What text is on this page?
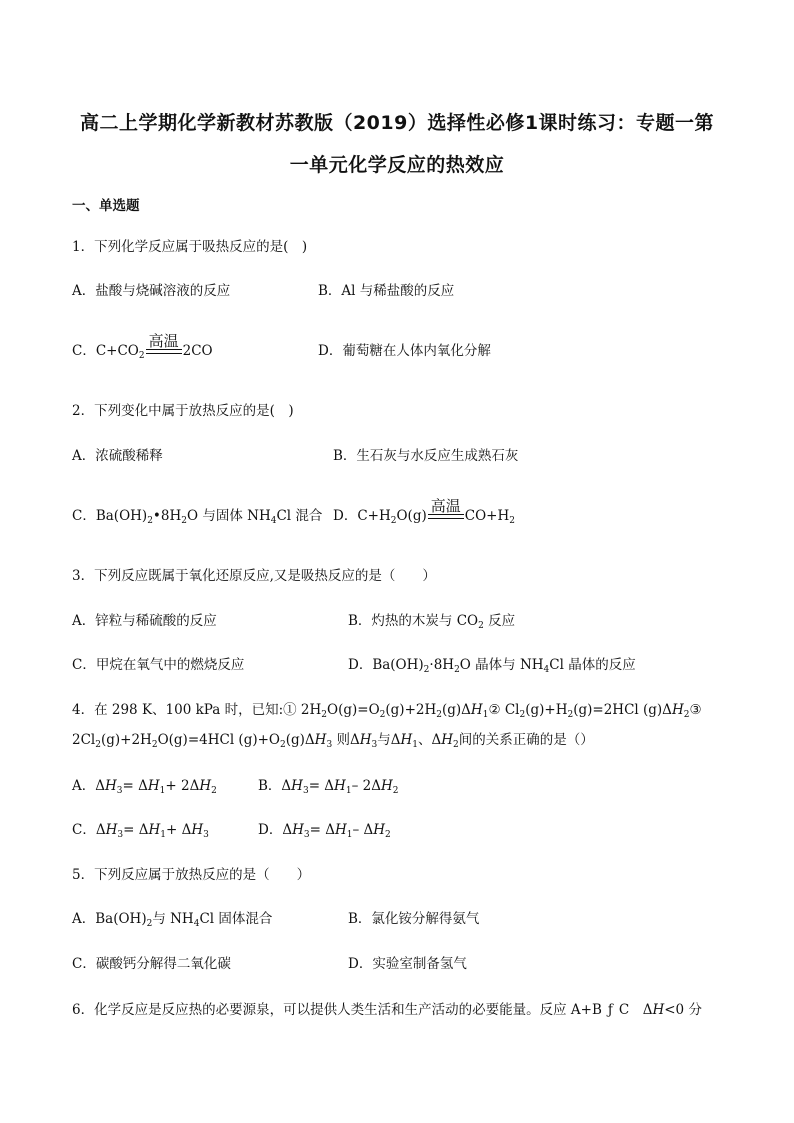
高二上学期化学新教材苏教版（2019）选择性必修1课时练习：专题一第
一单元化学反应的热效应
一、单选题
1．下列化学反应属于吸热反应的是(　)
A．盐酸与烧碱溶液的反应	B．Al 与稀盐酸的反应
C．$C+CO_2$
高温
2CO	D．葡萄糖在人体内氧化分解
2．下列变化中属于放热反应的是(　)
A．浓硫酸稀释	B．生石灰与水反应生成熟石灰
C．$Ba(OH)_2•8H_2O$ 与固体 $NH_4Cl$ 混合 D．$C+H_2O(g)$
高温
$CO+H_2$
3．下列反应既属于氧化还原反应,又是吸热反应的是（　　）
A．锌粒与稀硫酸的反应	B．灼热的木炭与 $CO_2$ 反应
C．甲烷在氧气中的燃烧反应	D．$Ba(OH)_2\cdot 8H_2O$ 晶体与 $NH_4Cl$ 晶体的反应
4．在 298 K、100 kPa 时，已知:① $2H_2O(g)=O_2(g)+2H_2(g)\Delta H_1②$ $Cl_2(g)+H_2(g)=2HCl$ $(g)\Delta H_2③$
$2Cl_2(g)+2H_2O(g)=4HCl$ $(g)+O_2(g)\Delta H_3$ 则$\Delta H_3$与$\Delta H_1$、$\Delta H_2$间的关系正确的是（）
A．$\Delta H_3= \Delta H_1+ 2\Delta H_2$	B．$\Delta H_3= \Delta H_1-$ $2\Delta H_2$
C．$\Delta H_3= \Delta H_1+ \Delta H_3$	D．$\Delta H_3= \Delta H_1-$ $\Delta H_2$
5．下列反应属于放热反应的是（　　）
A．$Ba(OH)_2$与 $NH_4Cl$ 固体混合	B．氯化铵分解得氨气
C．碳酸钙分解得二氧化碳	D．实验室制备氢气
6．化学反应是反应热的必要源泉，可以提供人类生活和生产活动的必要能量。反应 A+B ƒ C　ΔH<0 分
